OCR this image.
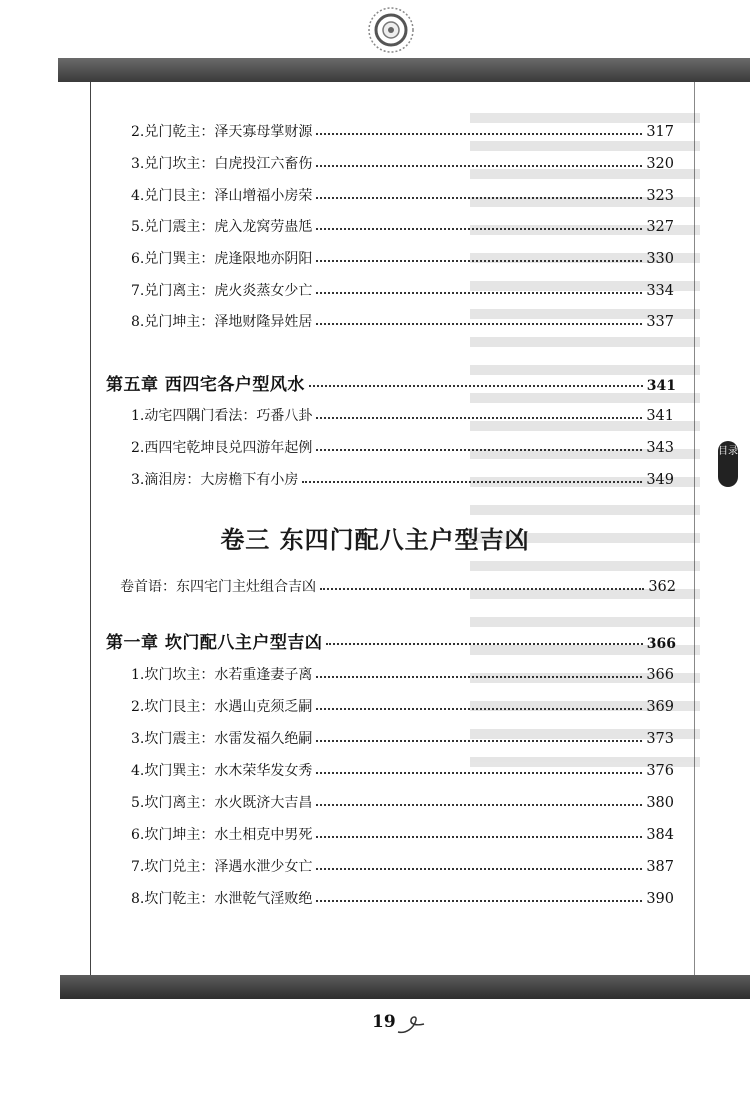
2.兑门乾主：泽天寡母掌财源	317
3.兑门坎主：白虎投江六畜伤	320
4.兑门艮主：泽山增福小房荣	323
5.兑门震主：虎入龙窝劳蛊尪	327
6.兑门巽主：虎逢限地亦阴阳	330
7.兑门离主：虎火炎蒸女少亡	334
8.兑门坤主：泽地财隆异姓居	337
第五章 西四宅各户型风水	341
1.动宅四隅门看法：巧番八卦	341
2.西四宅乾坤艮兑四游年起例	343
3.滴泪房：大房檐下有小房	349
卷三 东四门配八主户型吉凶
卷首语：东四宅门主灶组合吉凶	362
第一章 坎门配八主户型吉凶	366
1.坎门坎主：水若重逢妻子离	366
2.坎门艮主：水遇山克须乏嗣	369
3.坎门震主：水雷发福久绝嗣	373
4.坎门巽主：水木荣华发女秀	376
5.坎门离主：水火既济大吉昌	380
6.坎门坤主：水土相克中男死	384
7.坎门兑主：泽遇水泄少女亡	387
8.坎门乾主：水泄乾气淫败绝	390
目录
19
